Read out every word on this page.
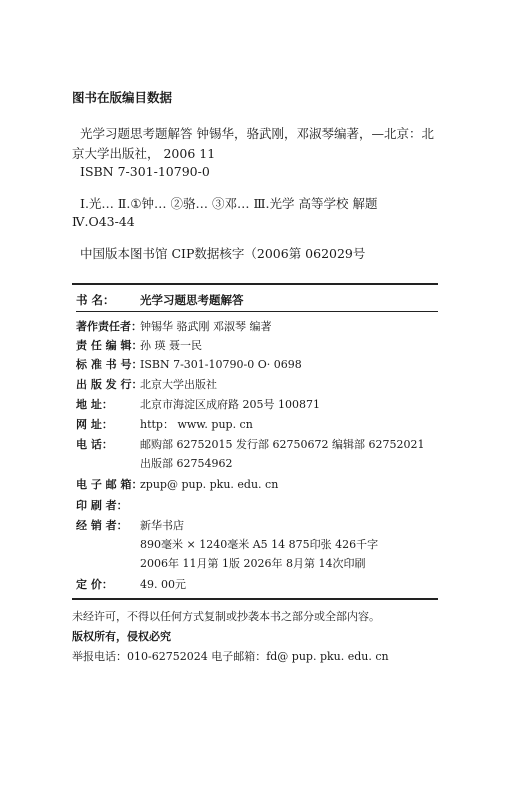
图书在版编目数据
光学习题思考题解答 钟锡华，骆武刚，邓淑琴编著，—北京：北
京大学出版社， 2006 11
ISBN 7-301-10790-0
Ⅰ.光… Ⅱ.①钟… ②骆… ③邓… Ⅲ.光学 高等学校 解题
Ⅳ.O43-44
中国版本图书馆 CIP数据核字（2006第 062029号
书 名： 光学习题思考题解答
著作责任者：钟锡华 骆武刚 邓淑琴 编著
责 任 编 辑：孙 瑛 聂一民
标 准 书 号：ISBN 7-301-10790-0 O· 0698
出 版 发 行：北京大学出版社
地 址： 北京市海淀区成府路 205号 100871
网 址： http： www. pup. cn
电 话： 邮购部 62752015 发行部 62750672 编辑部 62752021
出版部 62754962
电 子 邮 箱：zpup@ pup. pku. edu. cn
印 刷 者：
经 销 者： 新华书店
890毫米 × 1240毫米 A5 14 875印张 426千字
2006年 11月第 1版 2026年 8月第 14次印刷
定 价： 49. 00元
未经许可，不得以任何方式复制或抄袭本书之部分或全部内容。
版权所有，侵权必究
举报电话：010-62752024 电子邮箱：fd@ pup. pku. edu. cn
